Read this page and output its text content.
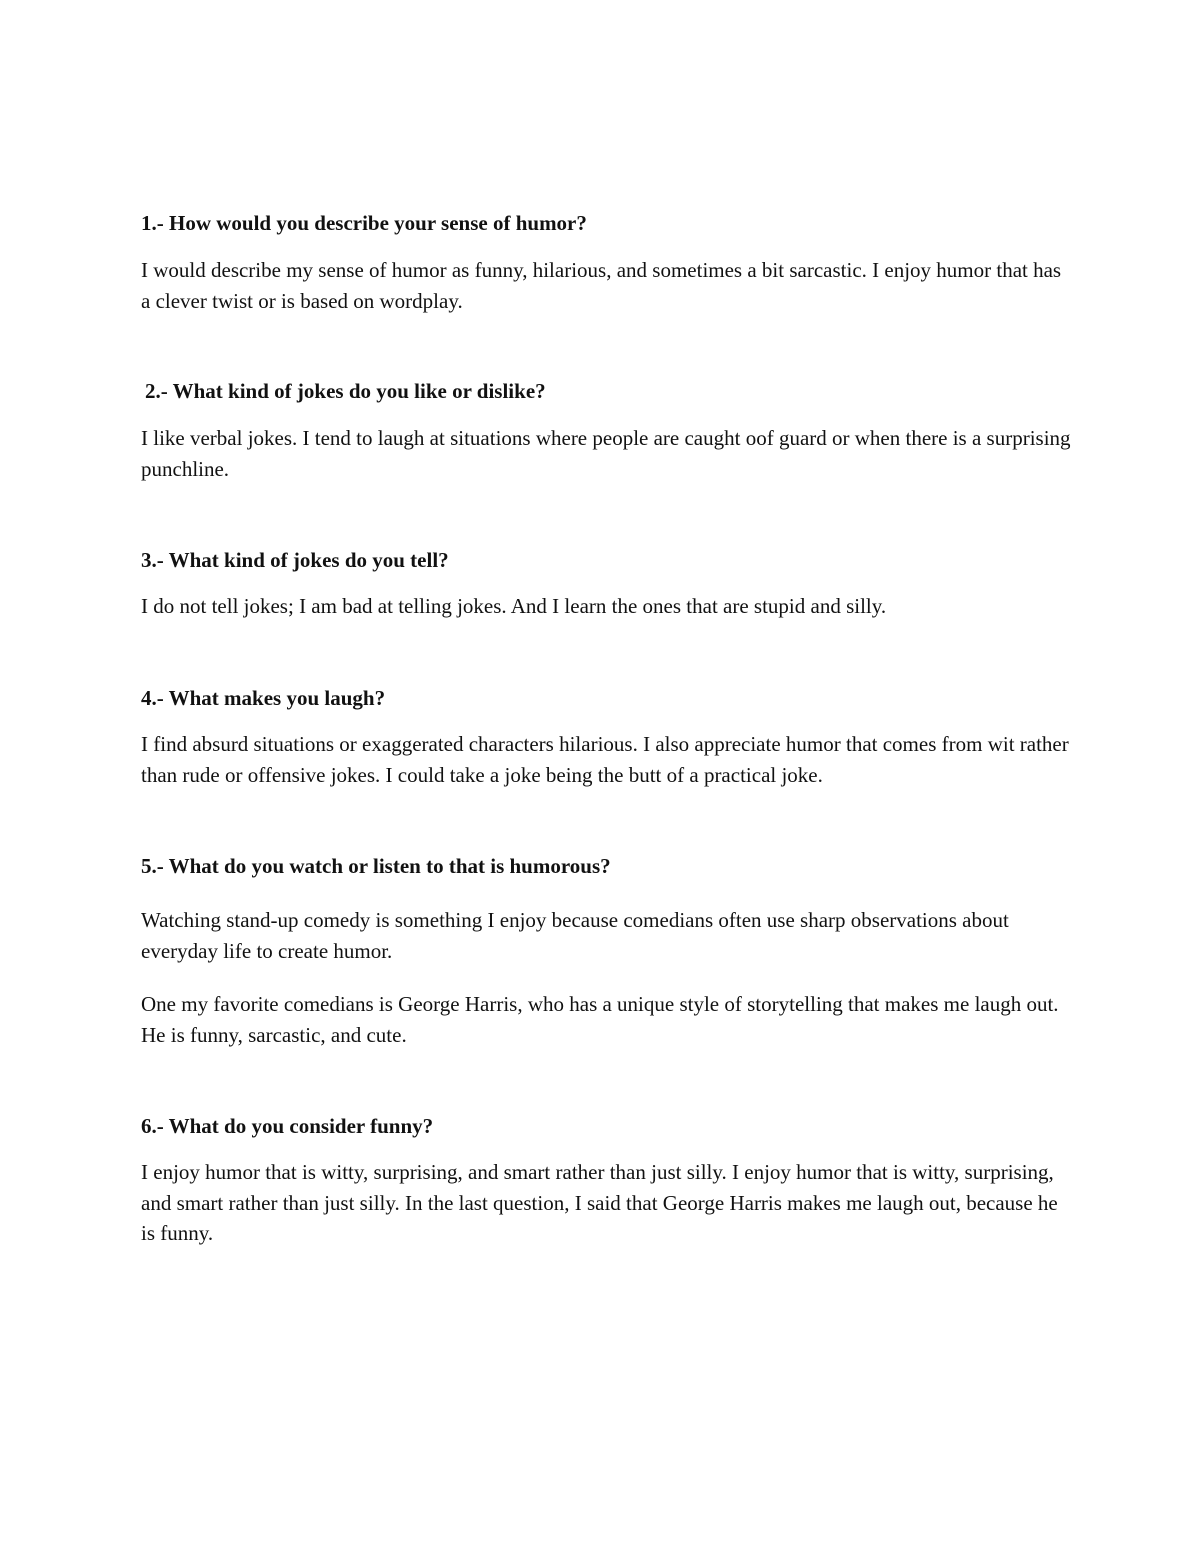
1.- How would you describe your sense of humor?

I would describe my sense of humor as funny, hilarious, and sometimes a bit sarcastic. I enjoy humor that has a clever twist or is based on wordplay.

2.- What kind of jokes do you like or dislike?

I like verbal jokes. I tend to laugh at situations where people are caught oof guard or when there is a surprising punchline.

3.- What kind of jokes do you tell?

I do not tell jokes; I am bad at telling jokes. And I learn the ones that are stupid and silly.

4.- What makes you laugh?

I find absurd situations or exaggerated characters hilarious. I also appreciate humor that comes from wit rather than rude or offensive jokes. I could take a joke being the butt of a practical joke.

5.- What do you watch or listen to that is humorous?

Watching stand-up comedy is something I enjoy because comedians often use sharp observations about everyday life to create humor.

One my favorite comedians is George Harris, who has a unique style of storytelling that makes me laugh out. He is funny, sarcastic, and cute.

6.- What do you consider funny?

I enjoy humor that is witty, surprising, and smart rather than just silly. I enjoy humor that is witty, surprising, and smart rather than just silly. In the last question, I said that George Harris makes me laugh out, because he is funny.
